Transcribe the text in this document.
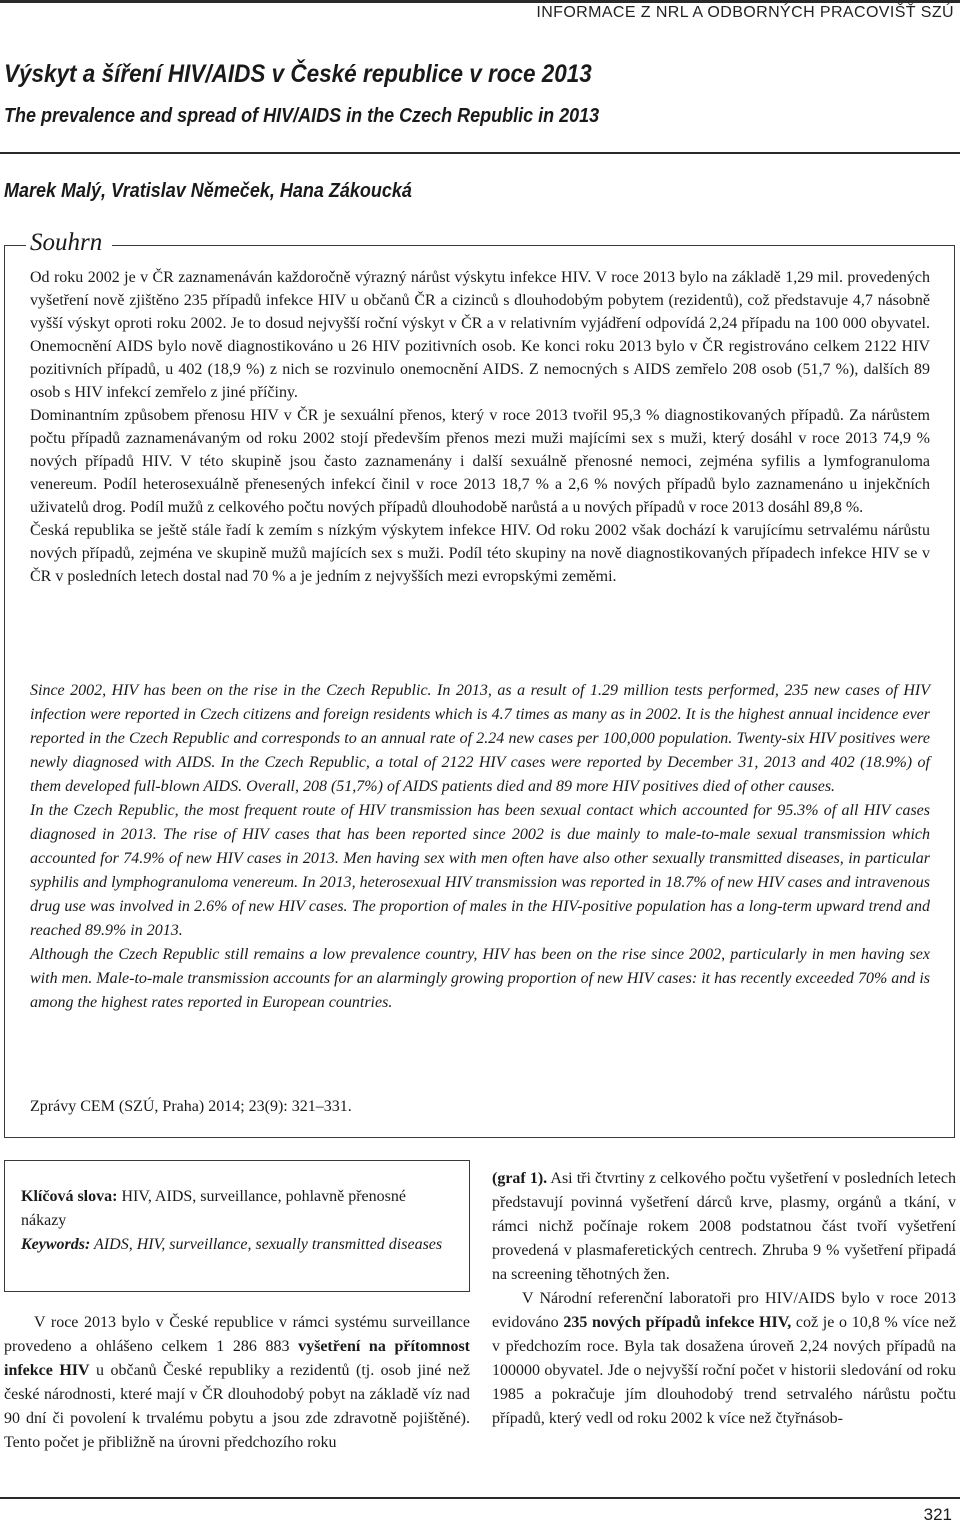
INFORMACE Z NRL A ODBORNÝCH PRACOVIŠŤ SZÚ
Výskyt a šíření HIV/AIDS v České republice v roce 2013
The prevalence and spread of HIV/AIDS in the Czech Republic in 2013
Marek Malý, Vratislav Němeček, Hana Zákoucká
Souhrn

Od roku 2002 je v ČR zaznamenáván každoročně výrazný nárůst výskytu infekce HIV. V roce 2013 bylo na základě 1,29 mil. provedených vyšetření nově zjištěno 235 případů infekce HIV u občanů ČR a cizinců s dlouhodobým pobytem (rezidentů), což představuje 4,7 násobně vyšší výskyt oproti roku 2002. Je to dosud nejvyšší roční výskyt v ČR a v relativním vyjádření odpovídá 2,24 případu na 100 000 obyvatel. Onemocnění AIDS bylo nově diagnostikováno u 26 HIV pozitivních osob. Ke konci roku 2013 bylo v ČR registrováno celkem 2122 HIV pozitivních případů, u 402 (18,9 %) z nich se rozvinulo onemocnění AIDS. Z nemocných s AIDS zemřelo 208 osob (51,7 %), dalších 89 osob s HIV infekcí zemřelo z jiné příčiny.

Dominantním způsobem přenosu HIV v ČR je sexuální přenos, který v roce 2013 tvořil 95,3 % diagnostikovaných případů. Za nárůstem počtu případů zaznamenávaným od roku 2002 stojí především přenos mezi muži majícími sex s muži, který dosáhl v roce 2013 74,9 % nových případů HIV. V této skupině jsou často zaznamenány i další sexuálně přenosné nemoci, zejména syfilis a lymfogranuloma venereum. Podíl heterosexuálně přenesených infekcí činil v roce 2013 18,7 % a 2,6 % nových případů bylo zaznamenáno u injekčních uživatelů drog. Podíl mužů z celkového počtu nových případů dlouhodobě narůstá a u nových případů v roce 2013 dosáhl 89,8 %.

Česká republika se ještě stále řadí k zemím s nízkým výskytem infekce HIV. Od roku 2002 však dochází k varujícímu setrvalému nárůstu nových případů, zejména ve skupině mužů majících sex s muži. Podíl této skupiny na nově diagnostikovaných případech infekce HIV se v ČR v posledních letech dostal nad 70 % a je jedním z nejvyšších mezi evropskými zeměmi.

Since 2002, HIV has been on the rise in the Czech Republic. In 2013, as a result of 1.29 million tests performed, 235 new cases of HIV infection were reported in Czech citizens and foreign residents which is 4.7 times as many as in 2002. It is the highest annual incidence ever reported in the Czech Republic and corresponds to an annual rate of 2.24 new cases per 100,000 population. Twenty-six HIV positives were newly diagnosed with AIDS. In the Czech Republic, a total of 2122 HIV cases were reported by December 31, 2013 and 402 (18.9%) of them developed full-blown AIDS. Overall, 208 (51,7%) of AIDS patients died and 89 more HIV positives died of other causes.

In the Czech Republic, the most frequent route of HIV transmission has been sexual contact which accounted for 95.3% of all HIV cases diagnosed in 2013. The rise of HIV cases that has been reported since 2002 is due mainly to male-to-male sexual transmission which accounted for 74.9% of new HIV cases in 2013. Men having sex with men often have also other sexually transmitted diseases, in particular syphilis and lymphogranuloma venereum. In 2013, heterosexual HIV transmission was reported in 18.7% of new HIV cases and intravenous drug use was involved in 2.6% of new HIV cases. The proportion of males in the HIV-positive population has a long-term upward trend and reached 89.9% in 2013.

Although the Czech Republic still remains a low prevalence country, HIV has been on the rise since 2002, particularly in men having sex with men. Male-to-male transmission accounts for an alarmingly growing proportion of new HIV cases: it has recently exceeded 70% and is among the highest rates reported in European countries.

Zprávy CEM (SZÚ, Praha) 2014; 23(9): 321–331.
Klíčová slova: HIV, AIDS, surveillance, pohlavně přenosné nákazy
Keywords: AIDS, HIV, surveillance, sexually transmitted diseases
V roce 2013 bylo v České republice v rámci systému surveillance provedeno a ohlášeno celkem 1 286 883 vyšetření na přítomnost infekce HIV u občanů České republiky a rezidentů (tj. osob jiné než české národnosti, které mají v ČR dlouhodobý pobyt na základě víz nad 90 dní či povolení k trvalému pobytu a jsou zde zdravotně pojištěné). Tento počet je přibližně na úrovni předchozího roku

(graf 1). Asi tři čtvrtiny z celkového počtu vyšetření v posledních letech představují povinná vyšetření dárců krve, plasmy, orgánů a tkání, v rámci nichž počínaje rokem 2008 podstatnou část tvoří vyšetření provedená v plasmaferetických centrech. Zhruba 9 % vyšetření připadá na screening těhotných žen.

V Národní referenční laboratoři pro HIV/AIDS bylo v roce 2013 evidováno 235 nových případů infekce HIV, což je o 10,8 % více než v předchozím roce. Byla tak dosažena úroveň 2,24 nových případů na 100000 obyvatel. Jde o nejvyšší roční počet v historii sledování od roku 1985 a pokračuje jím dlouhodobý trend setrvalého nárůstu počtu případů, který vedl od roku 2002 k více než čtyřnásob-

321
